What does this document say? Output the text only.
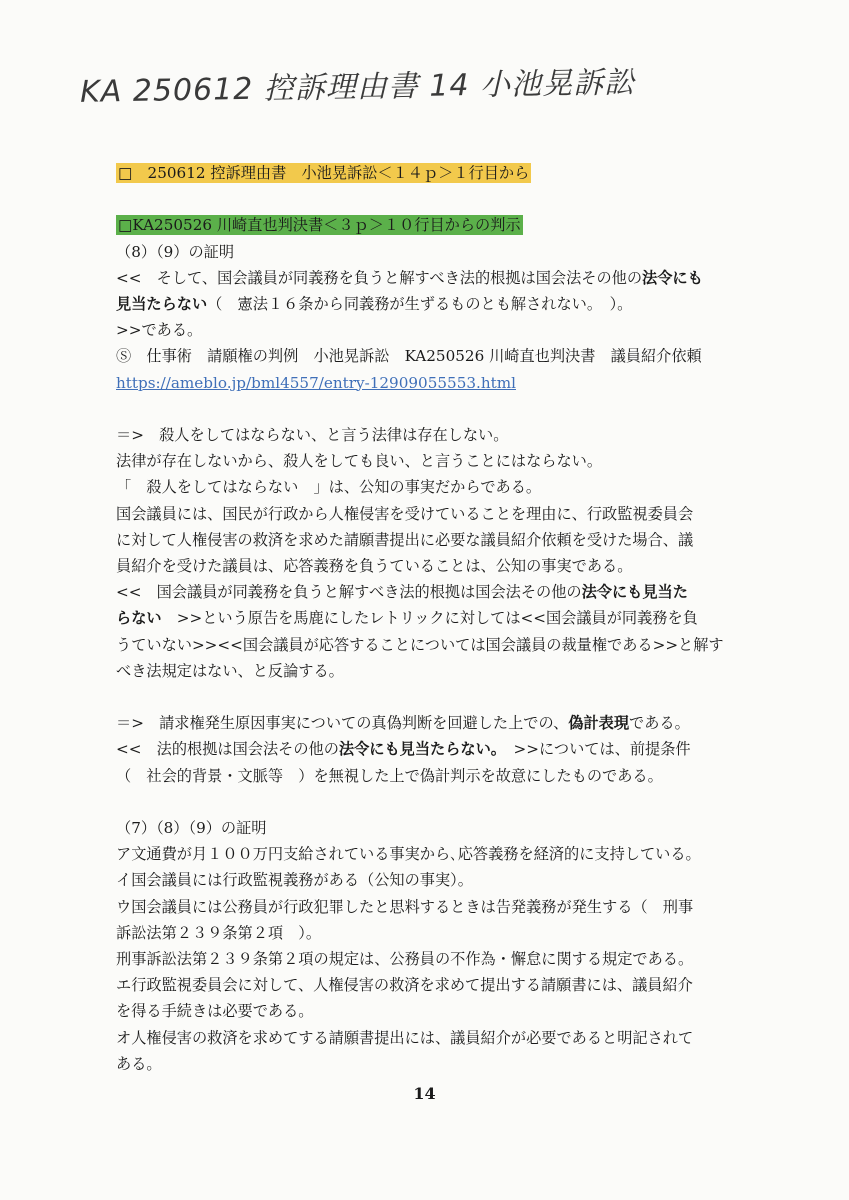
KA 250612 控訴理由書 14 小池晃訴訟
□　250612 控訴理由書　小池晃訴訟＜１４ｐ＞１行目から
□KA250526 川崎直也判決書＜３ｐ＞１０行目からの判示
（8）（9）の証明
<<　そして、国会議員が同義務を負うと解すべき法的根拠は国会法その他の法令にも
見当たらない（　憲法１６条から同義務が生ずるものとも解されない。　）。
>>である。
Ⓢ　仕事術　請願権の判例　小池晃訴訟　KA250526 川崎直也判決書　議員紹介依頼
https://ameblo.jp/bml4557/entry-12909055553.html
＝>　殺人をしてはならない、と言う法律は存在しない。
法律が存在しないから、殺人をしても良い、と言うことにはならない。
「　殺人をしてはならない　」は、公知の事実だからである。
国会議員には、国民が行政から人権侵害を受けていることを理由に、行政監視委員会
に対して人権侵害の救済を求めた請願書提出に必要な議員紹介依頼を受けた場合、議
員紹介を受けた議員は、応答義務を負うていることは、公知の事実である。
<<　国会議員が同義務を負うと解すべき法的根拠は国会法その他の法令にも見当た
らない　>>という原告を馬鹿にしたレトリックに対しては<<国会議員が同義務を負
うていない>><<国会議員が応答することについては国会議員の裁量権である>>と解す
べき法規定はない、と反論する。
＝>　請求権発生原因事実についての真偽判断を回避した上での、偽計表現である。
<<　法的根拠は国会法その他の法令にも見当たらない。　>>については、前提条件
（　社会的背景・文脈等　）を無視した上で偽計判示を故意にしたものである。
（7）（8）（9）の証明
ア文通費が月１００万円支給されている事実から､応答義務を経済的に支持している。
イ国会議員には行政監視義務がある（公知の事実）。
ウ国会議員には公務員が行政犯罪したと思料するときは告発義務が発生する（　刑事
訴訟法第２３９条第２項　）。
刑事訴訟法第２３９条第２項の規定は、公務員の不作為・懈怠に関する規定である。
エ行政監視委員会に対して、人権侵害の救済を求めて提出する請願書には、議員紹介
を得る手続きは必要である。
オ人権侵害の救済を求めてする請願書提出には、議員紹介が必要であると明記されて
ある。
14
